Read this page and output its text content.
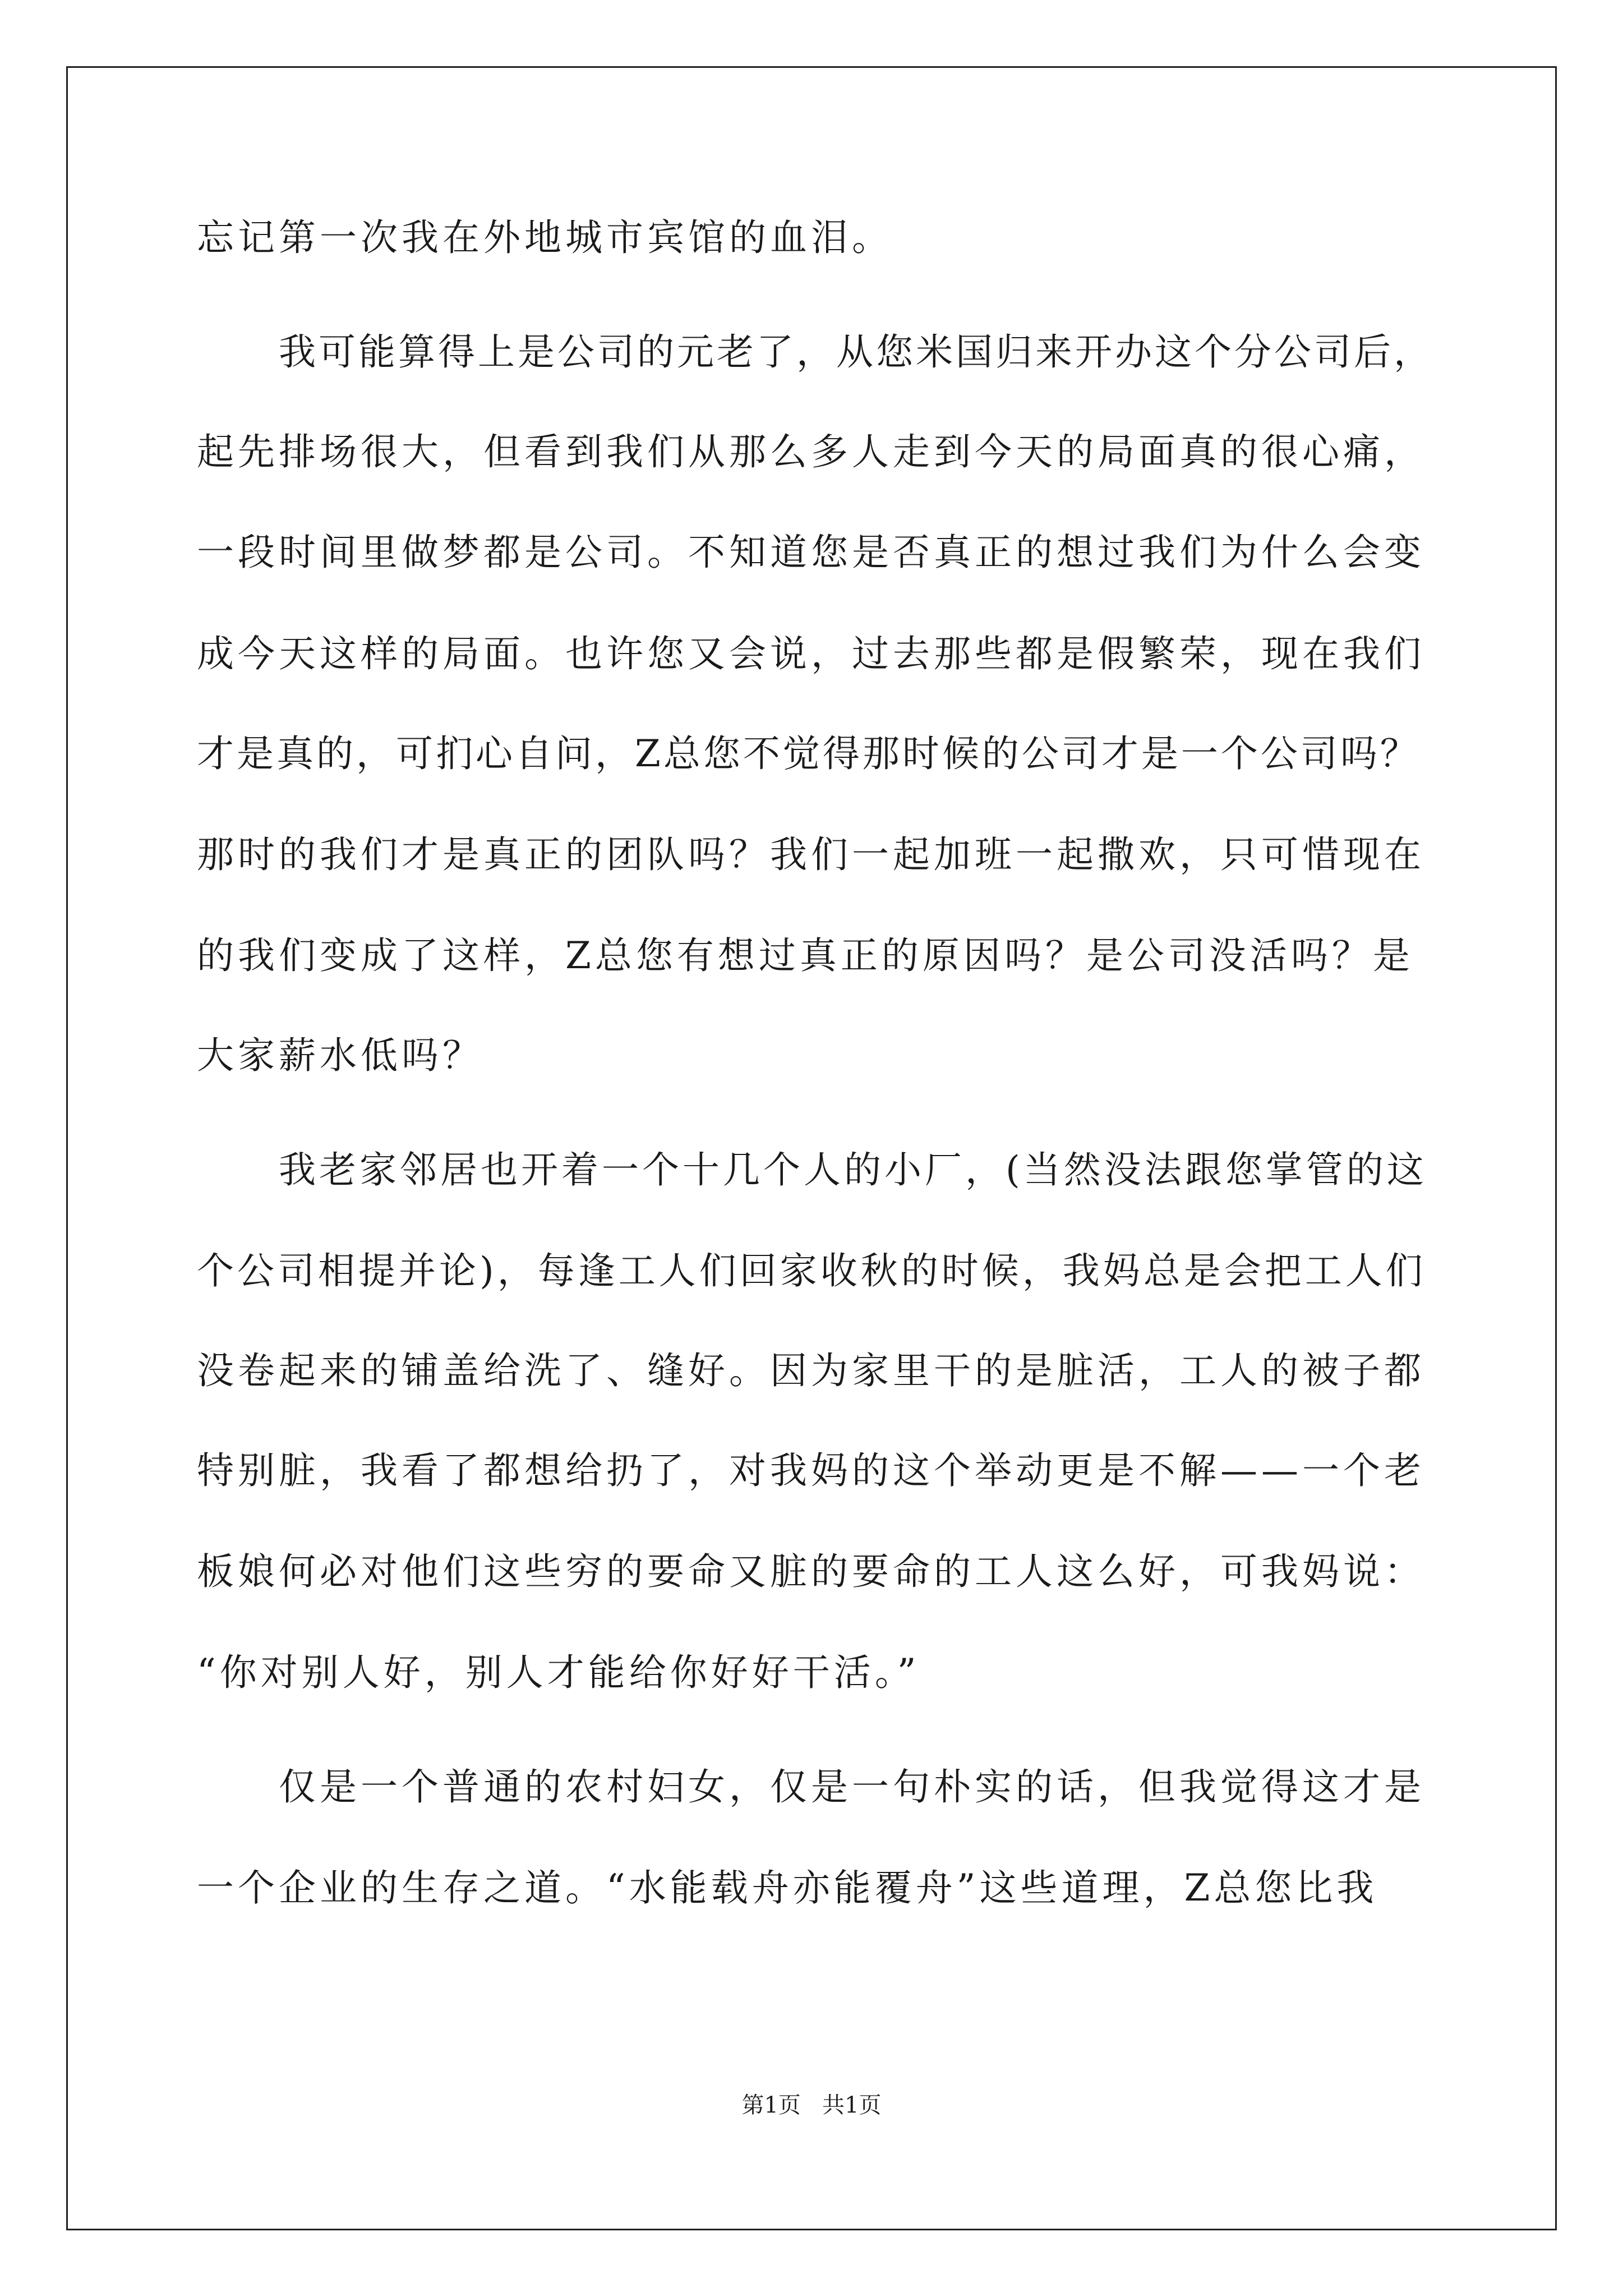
忘记第一次我在外地城市宾馆的血泪。
我可能算得上是公司的元老了，从您米国归来开办这个分公司后，
起先排场很大，但看到我们从那么多人走到今天的局面真的很心痛，
一段时间里做梦都是公司。不知道您是否真正的想过我们为什么会变
成今天这样的局面。也许您又会说，过去那些都是假繁荣，现在我们
才是真的，可扪心自问，Z总您不觉得那时候的公司才是一个公司吗？
那时的我们才是真正的团队吗？我们一起加班一起撒欢，只可惜现在
的我们变成了这样，Z总您有想过真正的原因吗？是公司没活吗？是
大家薪水低吗？
我老家邻居也开着一个十几个人的小厂，(当然没法跟您掌管的这
个公司相提并论)，每逢工人们回家收秋的时候，我妈总是会把工人们
没卷起来的铺盖给洗了、缝好。因为家里干的是脏活，工人的被子都
特别脏，我看了都想给扔了，对我妈的这个举动更是不解——一个老
板娘何必对他们这些穷的要命又脏的要命的工人这么好，可我妈说：
“你对别人好，别人才能给你好好干活。”
仅是一个普通的农村妇女，仅是一句朴实的话，但我觉得这才是
一个企业的生存之道。“水能载舟亦能覆舟”这些道理，Z总您比我
第1页   共1页
